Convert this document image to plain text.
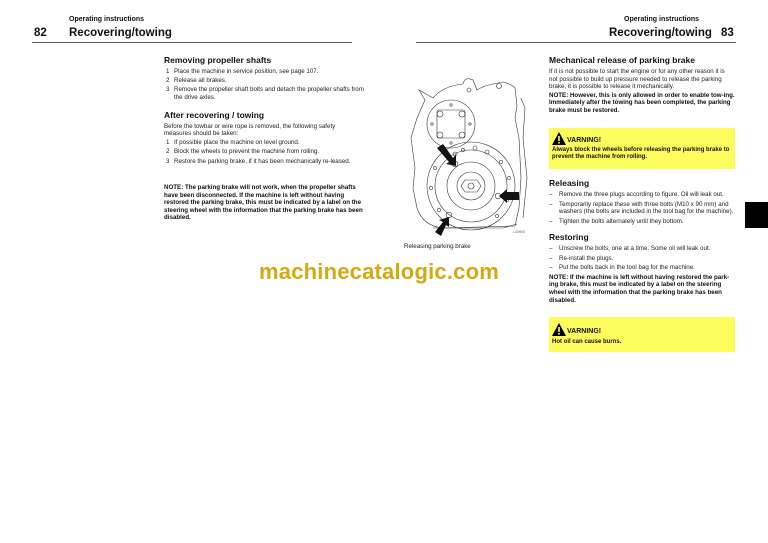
Operating instructions
82 Recovering/towing
Removing propeller shafts
1 Place the machine in service position, see page 107.
2 Release all brakes.
3 Remove the propeller shaft bolts and detach the propeller shafts from the drive axles.
After recovering / towing
Before the towbar or wire rope is removed, the following safety measures should be taken:
1 If possible place the machine on level ground.
2 Block the wheels to prevent the machine from rolling.
3 Restore the parking brake, if it has been mechanically re-leased.
NOTE: The parking brake will not work, when the propeller shafts have been disconnected. If the machine is left without having restored the parking brake, this must be indicated by a label on the steering wheel with the information that the parking brake has been disabled.
L40903
Releasing parking brake
machinecatalogic.com
Operating instructions
Recovering/towing 83
Mechanical release of parking brake
If it is not possible to start the engine or for any other reason it is not possible to build up pressure needed to release the parking brake, it is possible to release it mechanically.
NOTE: However, this is only allowed in order to enable tow-ing. Immediately after the towing has been completed, the parking brake must be restored.
VARNING!
Always block the wheels before releasing the parking brake to prevent the machine from rolling.
Releasing
– Remove the three plugs according to figure. Oil will leak out.
– Temporarily replace these with three bolts (M10 x 90 mm) and washers (the bolts are included in the tool bag for the machine).
– Tighten the bolts alternately until they bottom.
Restoring
– Unscrew the bolts, one at a time. Some oil will leak out.
– Re-install the plugs.
– Put the bolts back in the tool bag for the machine.
NOTE: If the machine is left without having restored the park-ing brake, this must be indicated by a label on the steering wheel with the information that the parking brake has been disabled.
VARNING!
Hot oil can cause burns.
